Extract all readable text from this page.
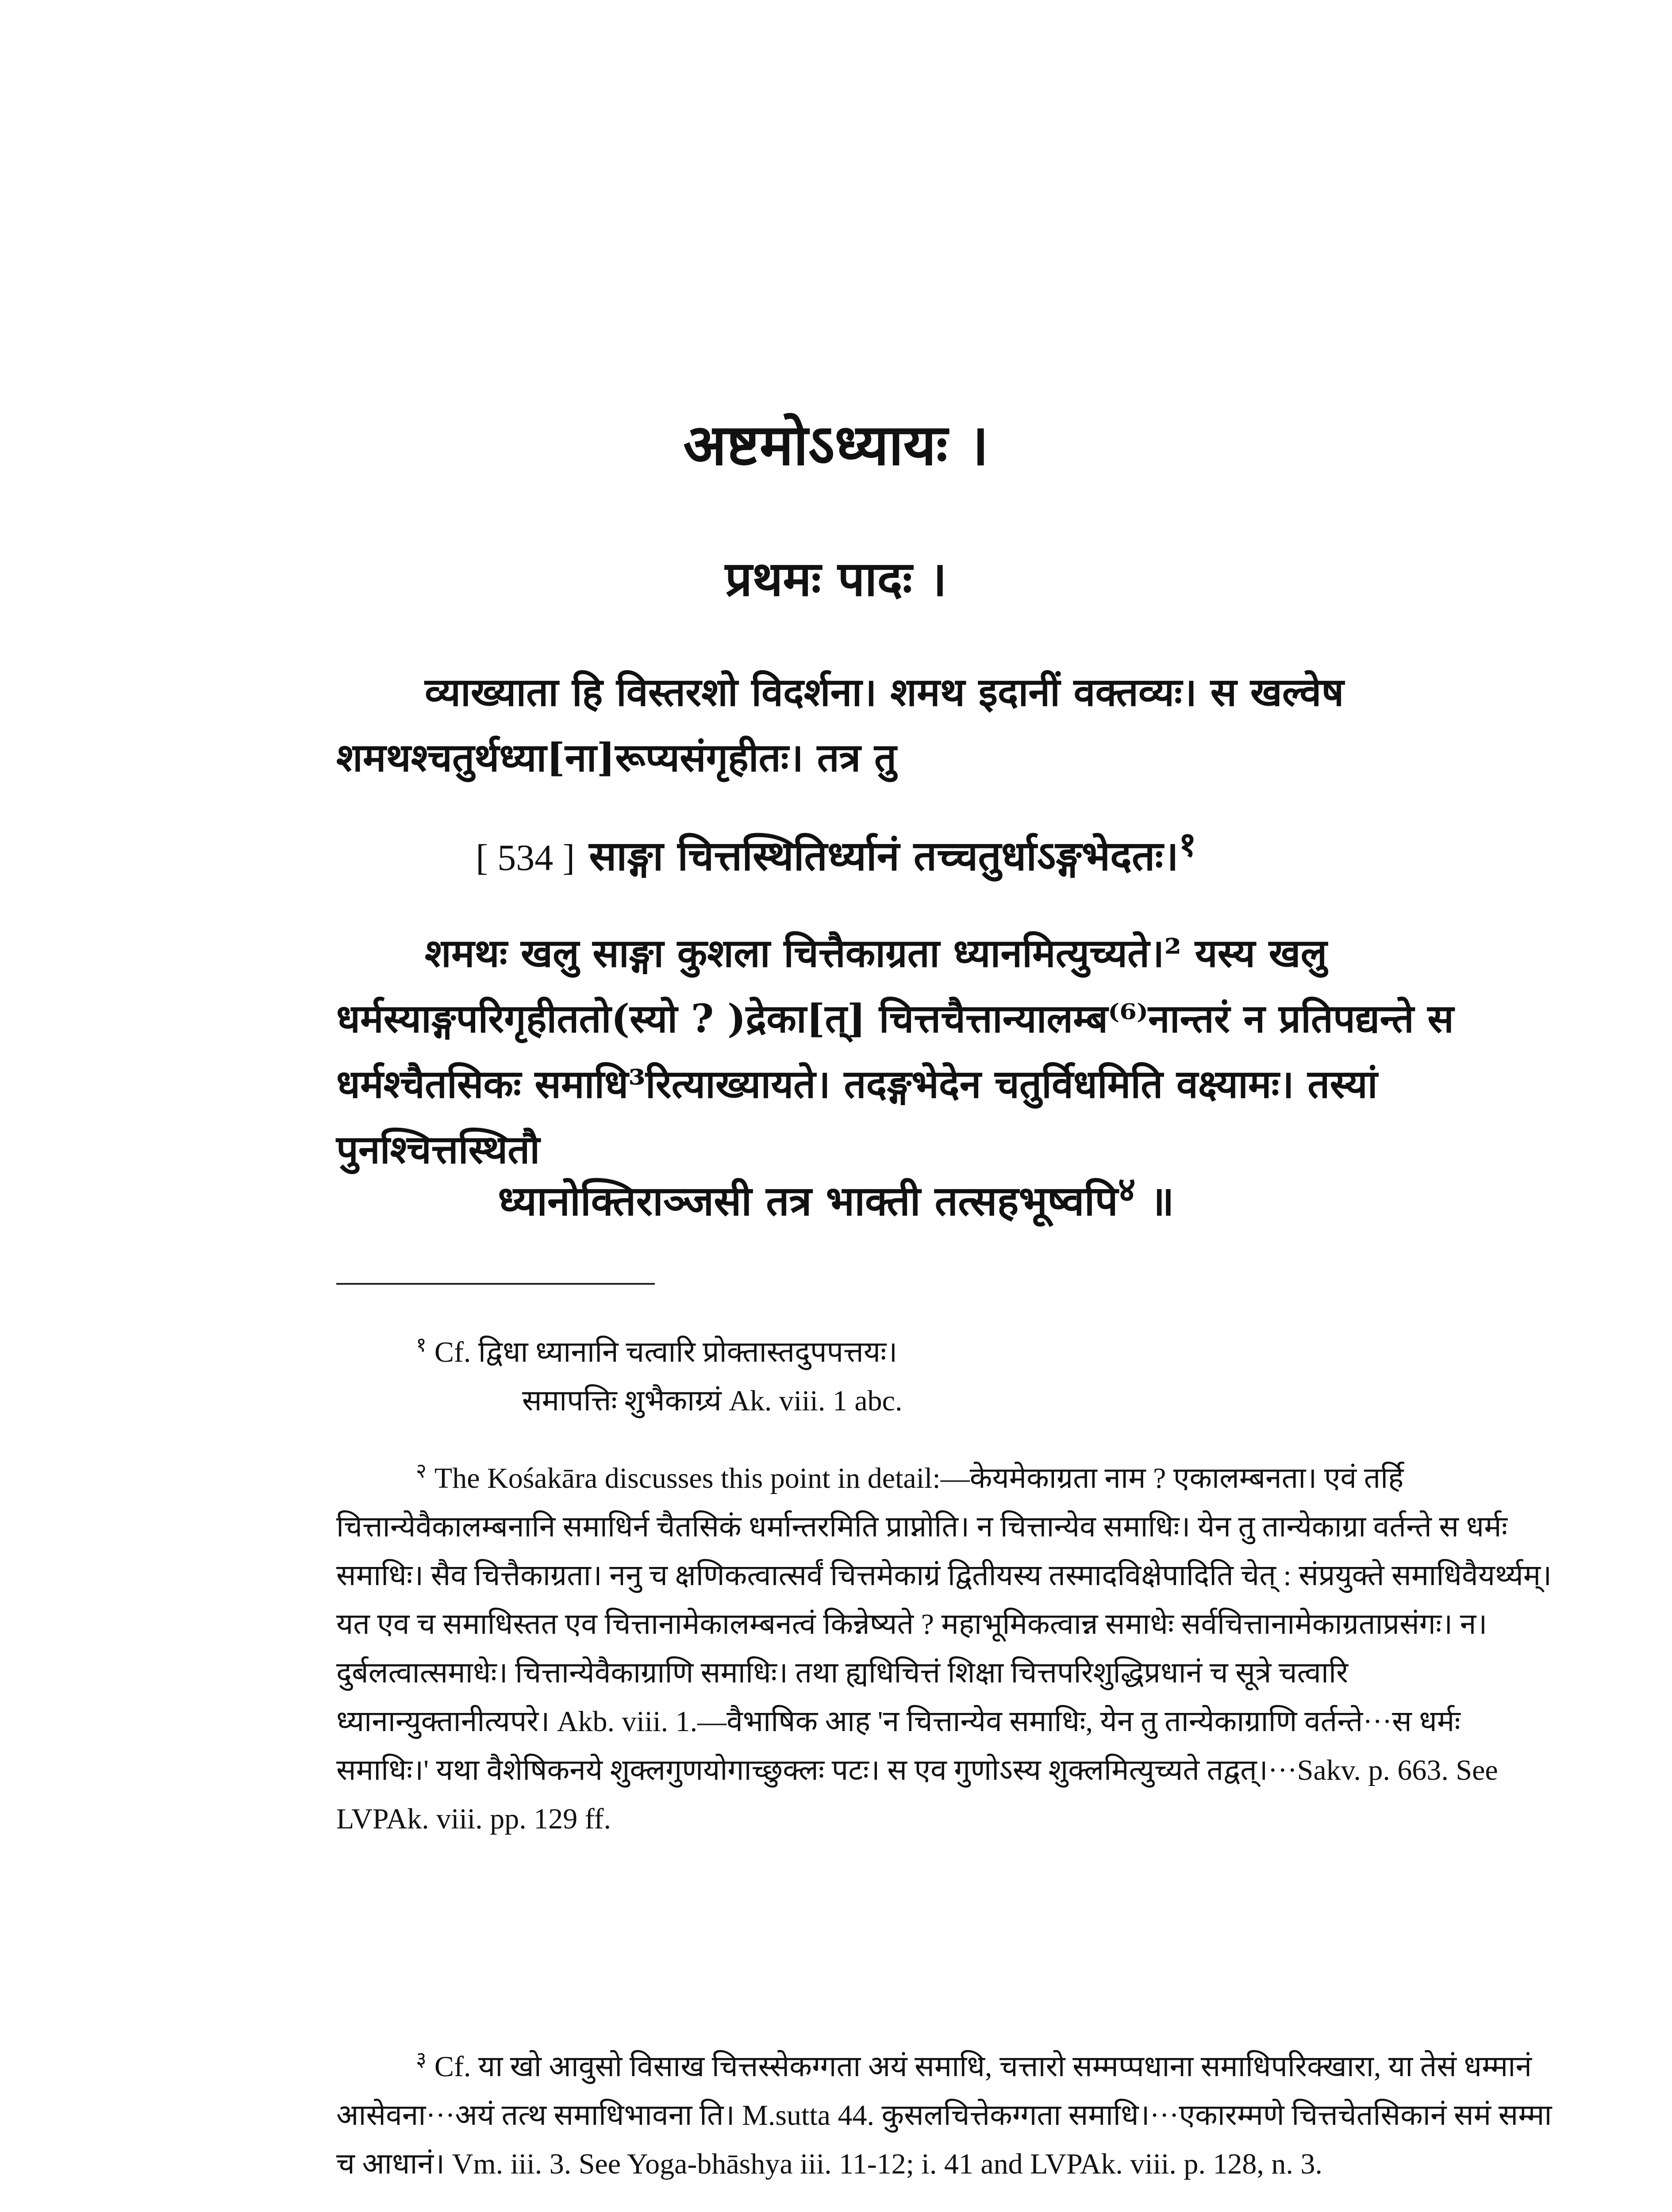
अष्टमोऽध्यायः ।
प्रथमः पादः ।
व्याख्याता हि विस्तरशो विदर्शना। शमथ इदानीं वक्तव्यः। स खल्वेष शमथश्चतुर्थध्या[ना]रूप्यसंगृहीतः। तत्र तु
[ 534 ] साङ्गा चित्तस्थितिर्ध्यानं तच्चतुर्धाऽङ्गभेदतः।$^१$
शमथः खलु साङ्गा कुशला चित्तैकाग्रता ध्यानमित्युच्यते।² यस्य खलु धर्मस्याङ्गपरिगृहीततो(स्यो ? )द्रेका[त्] चित्तचैत्तान्यालम्ब⁽⁶⁾नान्तरं न प्रतिपद्यन्ते स धर्मश्चैतसिकः समाधि³रित्याख्यायते। तदङ्गभेदेन चतुर्विधमिति वक्ष्यामः। तस्यां पुनश्चित्तस्थितौ
ध्यानोक्तिराञ्जसी तत्र भाक्ती तत्सहभूष्वपि$^४$ ॥
$^१$ Cf. द्विधा ध्यानानि चत्वारि प्रोक्तास्तदुपपत्तयः।
समापत्तिः शुभैकाग्र्यं Ak. viii. 1 abc.
$^२$ The Kośakāra discusses this point in detail:—केयमेकाग्रता नाम ? एकालम्बनता। एवं तर्हि चित्तान्येवैकालम्बनानि समाधिर्न चैतसिकं धर्मान्तरमिति प्राप्नोति। न चित्तान्येव समाधिः। येन तु तान्येकाग्रा वर्तन्ते स धर्मः समाधिः। सैव चित्तैकाग्रता। ननु च क्षणिकत्वात्सर्वं चित्तमेकाग्रं द्वितीयस्य तस्मादविक्षेपादिति चेत् : संप्रयुक्ते समाधिवैयर्थ्यम्। यत एव च समाधिस्तत एव चित्तानामेकालम्बनत्वं किन्नेष्यते ? महाभूमिकत्वान्न समाधेः सर्वचित्तानामेकाग्रताप्रसंगः। न। दुर्बलत्वात्समाधेः। चित्तान्येवैकाग्राणि समाधिः। तथा ह्यधिचित्तं शिक्षा चित्तपरिशुद्धिप्रधानं च सूत्रे चत्वारि ध्यानान्युक्तानीत्यपरे। Akb. viii. 1.—वैभाषिक आह 'न चित्तान्येव समाधिः, येन तु तान्येकाग्राणि वर्तन्ते···स धर्मः समाधिः।' यथा वैशेषिकनये शुक्लगुणयोगाच्छुक्लः पटः। स एव गुणोऽस्य शुक्लमित्युच्यते तद्वत्।···Sakv. p. 663. See LVPAk. viii. pp. 129 ff.
$^३$ Cf. या खो आवुसो विसाख चित्तस्सेकग्गता अयं समाधि, चत्तारो सम्मप्पधाना समाधिपरिक्खारा, या तेसं धम्मानं आसेवना···अयं तत्थ समाधिभावना ति। M.sutta 44. कुसलचित्तेकग्गता समाधि।···एकारम्मणे चित्तचेतसिकानं समं सम्मा च आधानं। Vm. iii. 3. See Yoga-bhāshya iii. 11-12; i. 41 and LVPAk. viii. p. 128, n. 3.
